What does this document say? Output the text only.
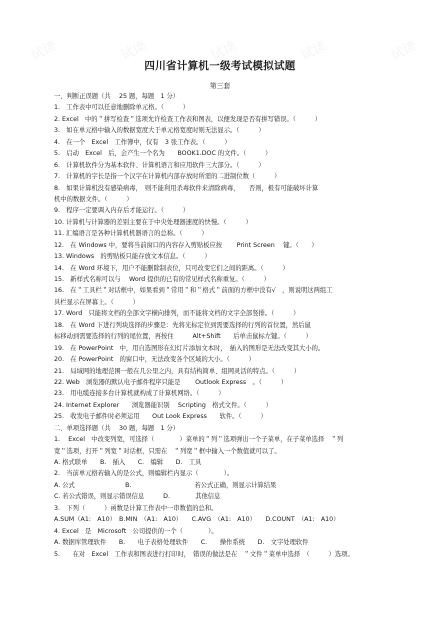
试读	试读	试读	试读	试读
四川省计算机一级考试模拟试题
第三套
一、判断正误题（共　 25 题，每题　1 分）
1.　工作表中可以任意地删除单元格。（　　　）
2. Excel　中的＂拼写检查＂选项允许检查工作表和图表，以便发现是否有拼写错误。（　　　）
3.　如在单元格中输入的数据宽度大于单元格宽度时则无法显示。（　　　）
4.　在一个　Excel　工作簿中，仅有　3 张工作表。（　　　）
5.　启动　Excel　后，会产生一个名为　　BOOK1.DOC 的文件。（　　　）
6.　计算机软件分为基本软件、计算机语言和应用软件三大部分。（　　　）
7.　计算机的字长是指一个汉字在计算机内部存放时所需的二进制位数（　　　）
8.　如果计算机没有感染病毒，　则不能利用杀毒软件来清除病毒，　　否则，极有可能破坏计算
机中的数据文件。（　　　）
9.　程序一定要调入内存后才能运行。（　　　）
10. 计算机与计算器的差别主要在于中央处理器速度的快慢。（　　　）
11. 汇编语言是各种计算机机器语言的总称。（　　　）
12.　在 Windows 中，要将当前窗口的内容存入剪贴板应按　　 Print Screen　 键。（　　）
13. Windows　的剪贴板只能存放文本信息。（　　　）
14.　在 Word 环境下，用户不能删除制表位，只可改变它们之间的距离。（　　　）
15.　新样式名称可以与　 Word 提供的已有的常见样式名称重复。（　　　）
16.　在＂工具栏＂对话框中，如果看到＂常用＂和＂格式＂前面的方框中没有√　，则说明这两组工
具栏显示在屏幕上。（　　　）
17. Word　只能将文档的全部文字横向排列，而不能将文档的文字全部竖排。（　　　）
18.　在 Word 下进行列块选择的步骤是：先将光标定位到需要选择的行列的首位置，然后鼠
标移动到需要选择的行列的尾位置，再按住　　　Alt+Shift　　后单击鼠标左键。（　　　）
19.　在 PowerPoint　中，用自选图形在幻灯片添加文本时，　插入的图形是无法改变其大小的。
20.　在 PowerPoint　的窗口中，无法改变各个区域的大小。（　　　）
21.　局域网的地理范围一般在几公里之内，具有结构简单、组网灵活的特点。（　　　）
22. Web　浏览器的默认电子邮件程序只能是　　 Outlook Express　。（　　　）
23.　用电缆连接多台计算机就构成了计算机网络。（　　　）
24. Internet Explorer　　浏览器能识别　 Scripting　格式文件。（　　　）
25.　收发电子邮件时必须运用　　Out Look Express　　软件。（　　　）
二、单项选择题（共　 30 题，每题　1 分）
1.　 Excel　中改变列宽，可选择（　　　　）菜单的＂列＂选项弹出一个子菜单，在子菜单选择　＂列
宽＂选项，打开＂列宽＂对话框，只需在　＂列宽＂框中输入一个数值就可以了。
A. 格式联单　　B.　插入　　C.　编辑　　D.　工具
2.　当前单元格若输入的是公式，则编辑栏内显示（　　　　）。
A. 公式　　　　　　　　B.　　　　　　　　　　若公式正确，则显示计算结果
C. 若公式错误，则显示错误信息　　　D.　　　　其他信息
3.　下列（　　　）函数是计算工作表中一串数值的总和。
A.SUM（A1:　A10）　B.MIN　（A1:　A10）　　C.AVG　（A1:　A10）　　D.COUNT　（A1:　A10）
4. Excel　是　Microsoft　公司提供的一个（　　　　）。
A. 数据库管理软件　　B.　　电子表格处理软件　　C.　　操作系统　　D.　文字处理软件
5.　　在对　Excel　工作表和图表进行打印时，　错误的做法是在　＂文件＂菜单中选择　（　　　）选项。
